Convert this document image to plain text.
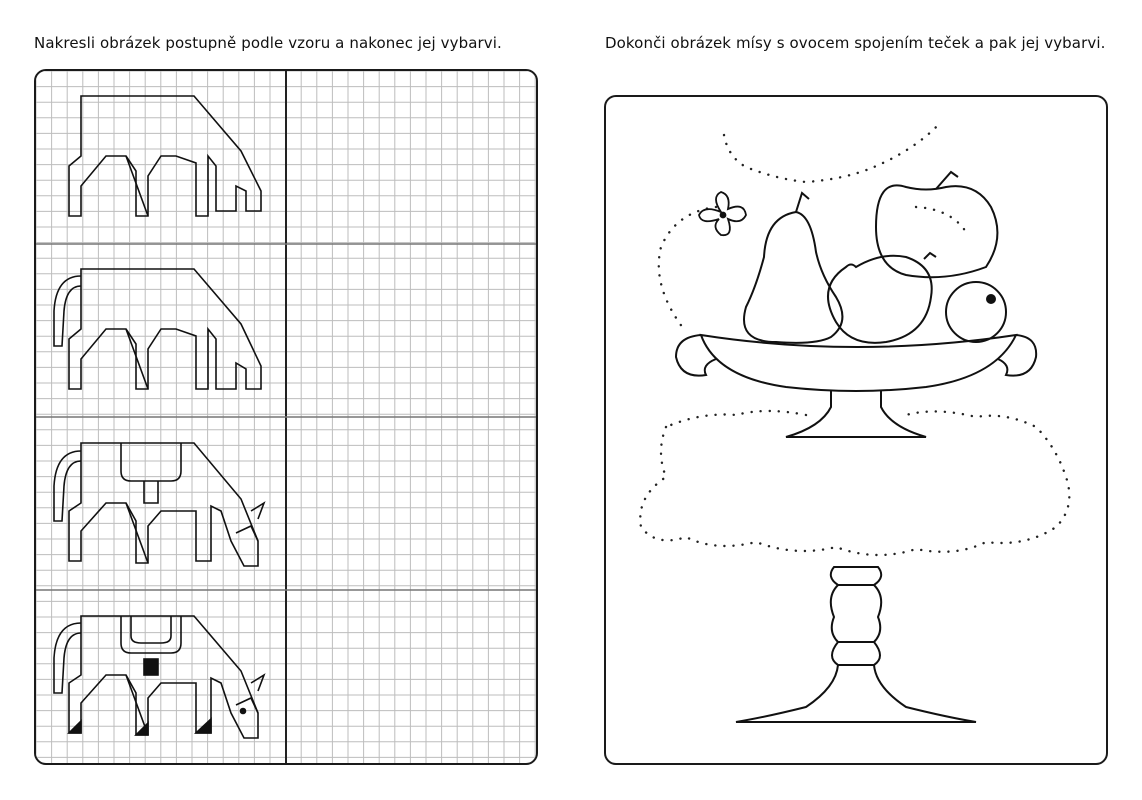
Nakresli obrázek postupně podle vzoru a nakonec jej vybarvi.	Dokonči obrázek mísy s ovocem spojením teček a pak jej vybarvi.
